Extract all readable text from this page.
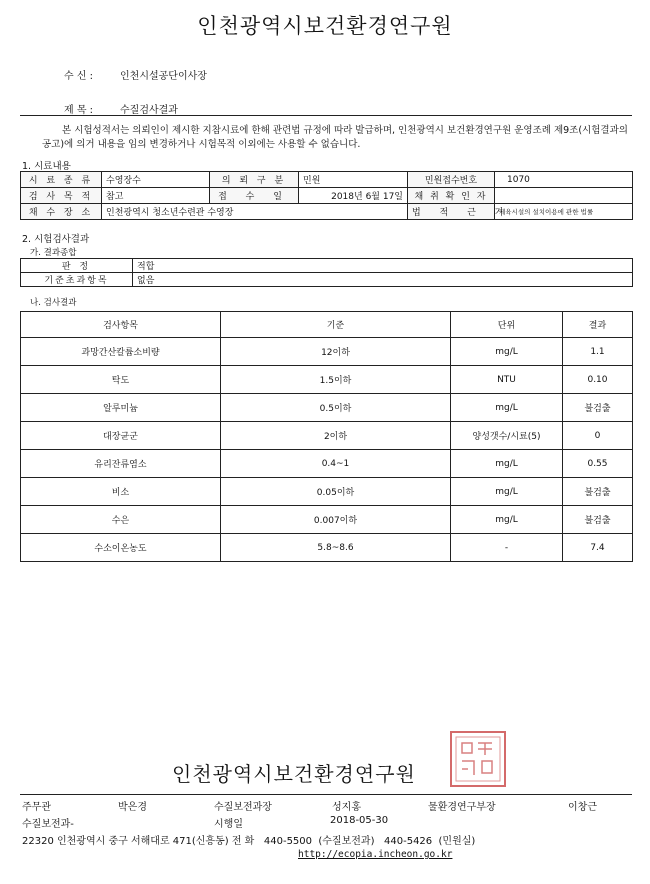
인천광역시보건환경연구원
수 신 :	인천시설공단이사장
제 목 :	수질검사결과
본 시험성적서는 의뢰인이 제시한 지참시료에 한해 관련법 규정에 따라 발급하며, 인천광역시 보건환경연구원 운영조례 제9조(시험결과의 공고)에 의거 내용을 임의 변경하거나 시험목적 이외에는 사용할 수 없습니다.
1. 시료내용
시 료 종 류	수영장수	의 뢰 구 분	민원	민원접수번호	1070
검 사 목 적	참고	접 수 일	2018년 6월 17일	채 취 확 인 자	
채 수 장 소	인천광역시 청소년수련관 수영장			법 적 근 거	체육시설의 설치이용에 관한 법률
2. 시험검사결과
가. 결과종합
판 정	적합
기준초과항목	없음
나. 검사결과
검사항목	기준	단위	결과
과망간산칼륨소비량	12이하	mg/L	1.1
탁도	1.5이하	NTU	0.10
알루미늄	0.5이하	mg/L	불검출
대장균군	2이하	양성갯수/시료(5)	0
유리잔류염소	0.4~1	mg/L	0.55
비소	0.05이하	mg/L	불검출
수은	0.007이하	mg/L	불검출
수소이온농도	5.8~8.6	-	7.4
인천광역시보건환경연구원
주무관	박은경	수질보전과장	성지홍	물환경연구부장	이창근
수질보전과-	시행일	2018-05-30
22320 인천광역시 중구 서해대로 471(신흥동) 전 화   440-5500  (수질보전과)   440-5426  (민원실)
http://ecopia.incheon.go.kr
